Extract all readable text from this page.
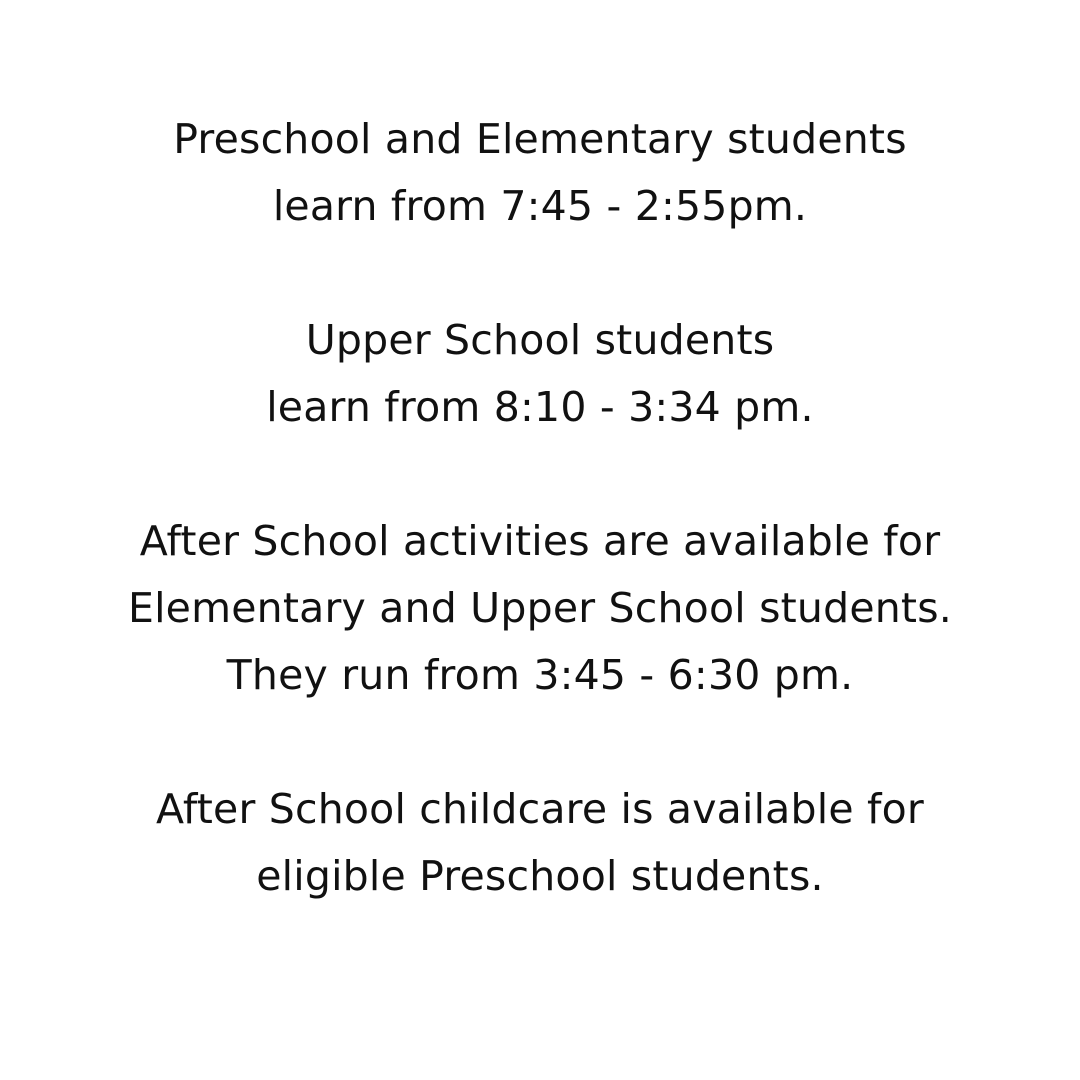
Preschool and Elementary students
learn from 7:45 - 2:55pm.

Upper School students
learn from 8:10 - 3:34 pm.

After School activities are available for
Elementary and Upper School students.
They run from 3:45 - 6:30 pm.

After School childcare is available for
eligible Preschool students.
